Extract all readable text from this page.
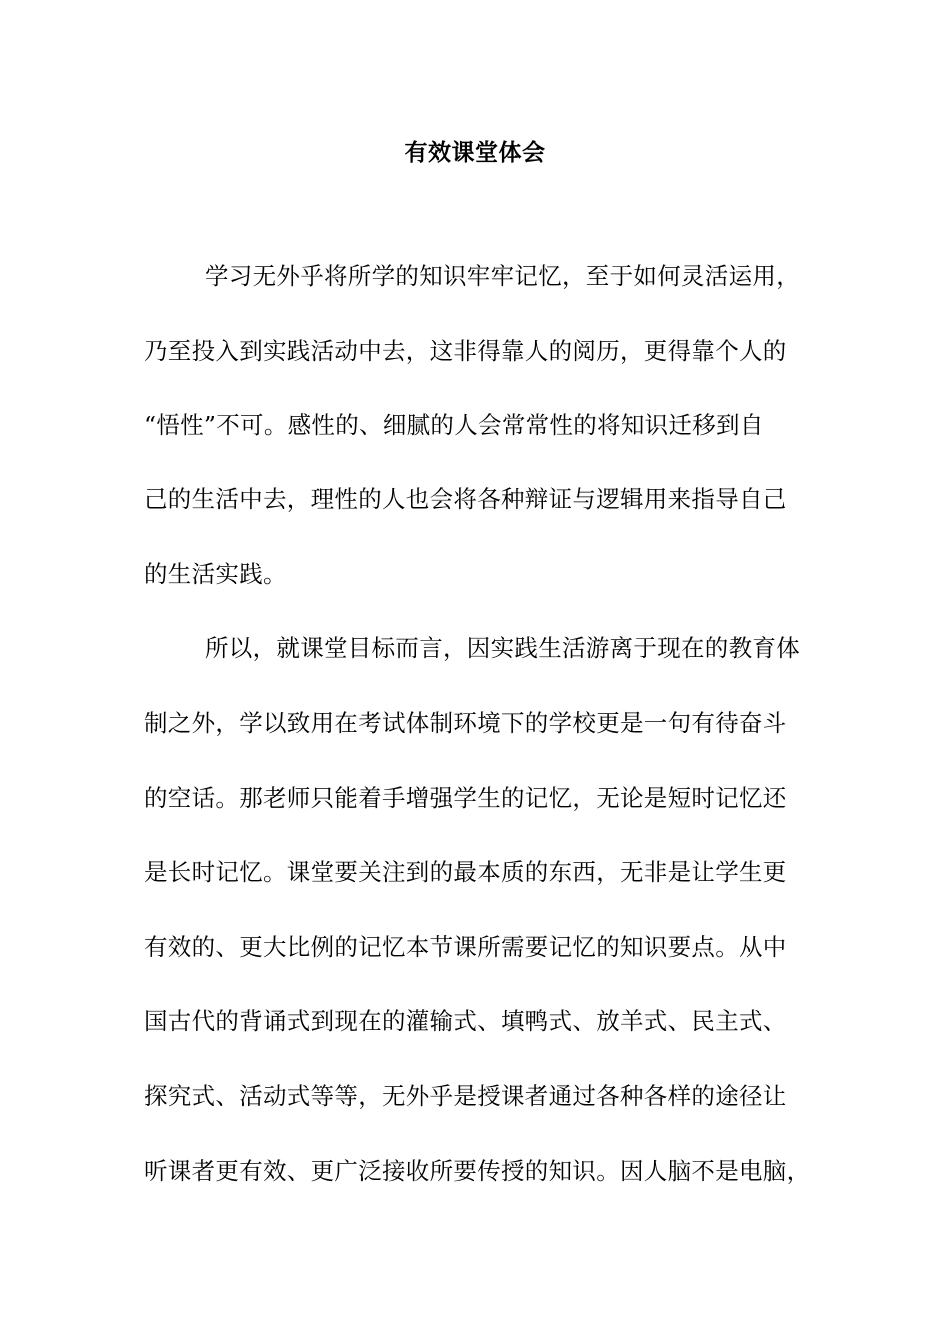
有效课堂体会
学习无外乎将所学的知识牢牢记忆，至于如何灵活运用，
乃至投入到实践活动中去，这非得靠人的阅历，更得靠个人的
“悟性”不可。感性的、细腻的人会常常性的将知识迁移到自
己的生活中去，理性的人也会将各种辩证与逻辑用来指导自己
的生活实践。
所以，就课堂目标而言，因实践生活游离于现在的教育体
制之外，学以致用在考试体制环境下的学校更是一句有待奋斗
的空话。那老师只能着手增强学生的记忆，无论是短时记忆还
是长时记忆。课堂要关注到的最本质的东西，无非是让学生更
有效的、更大比例的记忆本节课所需要记忆的知识要点。从中
国古代的背诵式到现在的灌输式、填鸭式、放羊式、民主式、
探究式、活动式等等，无外乎是授课者通过各种各样的途径让
听课者更有效、更广泛接收所要传授的知识。因人脑不是电脑，
